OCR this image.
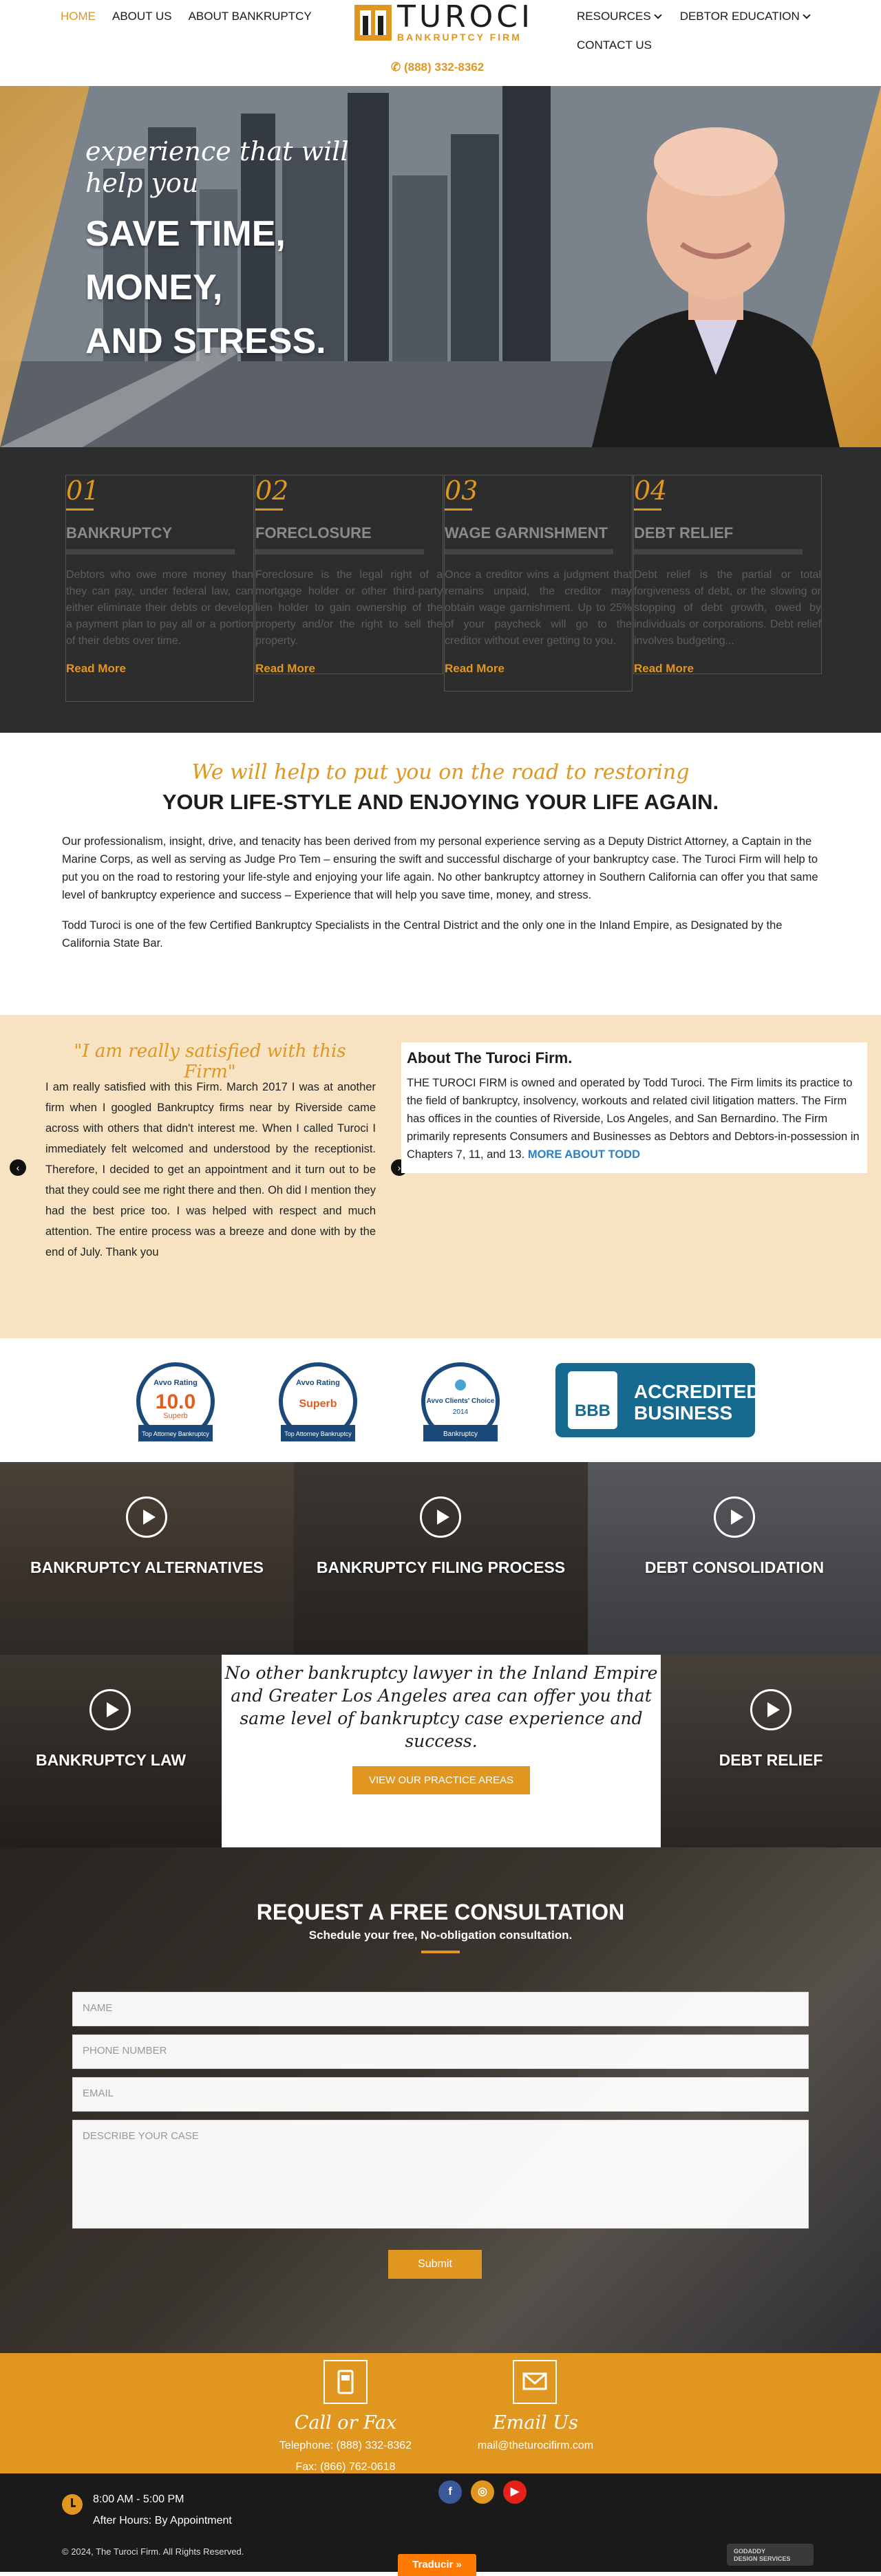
HOME ABOUT US ABOUT BANKRUPTCY	TUROCI
BANKRUPTCY FIRM
✆ (888) 332-8362
RESOURCES	DEBTOR EDUCATION
CONTACT US
experience that will help you
SAVE TIME,
MONEY,
AND STRESS.
01
BANKRUPTCY
Debtors who owe more money than they can pay, under federal law, can either eliminate their debts or develop a payment plan to pay all or a portion of their debts over time.
Read More
02
FORECLOSURE
Foreclosure is the legal right of a mortgage holder or other third-party lien holder to gain ownership of the property and/or the right to sell the property.
Read More
03
WAGE GARNISHMENT
Once a creditor wins a judgment that remains unpaid, the creditor may obtain wage garnishment. Up to 25% of your paycheck will go to the creditor without ever getting to you.
Read More
04
DEBT RELIEF
Debt relief is the partial or total forgiveness of debt, or the slowing or stopping of debt growth, owed by individuals or corporations. Debt relief involves budgeting...
Read More
We will help to put you on the road to restoring
YOUR LIFE-STYLE AND ENJOYING YOUR LIFE AGAIN.

Our professionalism, insight, drive, and tenacity has been derived from my personal experience serving as a Deputy District Attorney, a Captain in the Marine Corps, as well as serving as Judge Pro Tem – ensuring the swift and successful discharge of your bankruptcy case. The Turoci Firm will help to put you on the road to restoring your life-style and enjoying your life again. No other bankruptcy attorney in Southern California can offer you that same level of bankruptcy experience and success – Experience that will help you save time, money, and stress.

Todd Turoci is one of the few Certified Bankruptcy Specialists in the Central District and the only one in the Inland Empire, as Designated by the California State Bar.

"I am really satisfied with this Firm"
I am really satisfied with this Firm. March 2017 I was at another firm when I googled Bankruptcy firms near by Riverside came across with others that didn't interest me. When I called Turoci I immediately felt welcomed and understood by the receptionist. Therefore, I decided to get an appointment and it turn out to be that they could see me right there and then. Oh did I mention they had the best price too. I was helped with respect and much attention. The entire process was a breeze and done with by the end of July. Thank you
‹	›
About The Turoci Firm.

THE TUROCI FIRM is owned and operated by Todd Turoci. The Firm limits its practice to the field of bankruptcy, insolvency, workouts and related civil litigation matters. The Firm has offices in the counties of Riverside, Los Angeles, and San Bernardino. The Firm primarily represents Consumers and Businesses as Debtors and Debtors-in-possession in Chapters 7, 11, and 13. MORE ABOUT TODD

Avvo Rating
10.0
Superb
Top Attorney Bankruptcy
Avvo Rating
Superb
Top Attorney Bankruptcy
Avvo Clients' Choice
2014
Bankruptcy
BBB
ACCREDITED
BUSINESS
BANKRUPTCY ALTERNATIVES	BANKRUPTCY FILING PROCESS	DEBT CONSOLIDATION
BANKRUPTCY LAW
No other bankruptcy lawyer in the Inland Empire and Greater Los Angeles area can offer you that same level of bankruptcy case experience and success.
VIEW OUR PRACTICE AREAS
DEBT RELIEF
REQUEST A FREE CONSULTATION
Schedule your free, No-obligation consultation.
NAME
PHONE NUMBER
EMAIL
DESCRIBE YOUR CASE
Submit
Call or Fax
Telephone: (888) 332-8362
Fax: (866) 762-0618
Email Us
mail@theturocifirm.com
8:00 AM - 5:00 PM
After Hours: By Appointment
f	◎	▶
© 2024, The Turoci Firm. All Rights Reserved.	GODADDY
DESIGN SERVICES
Traducir »
